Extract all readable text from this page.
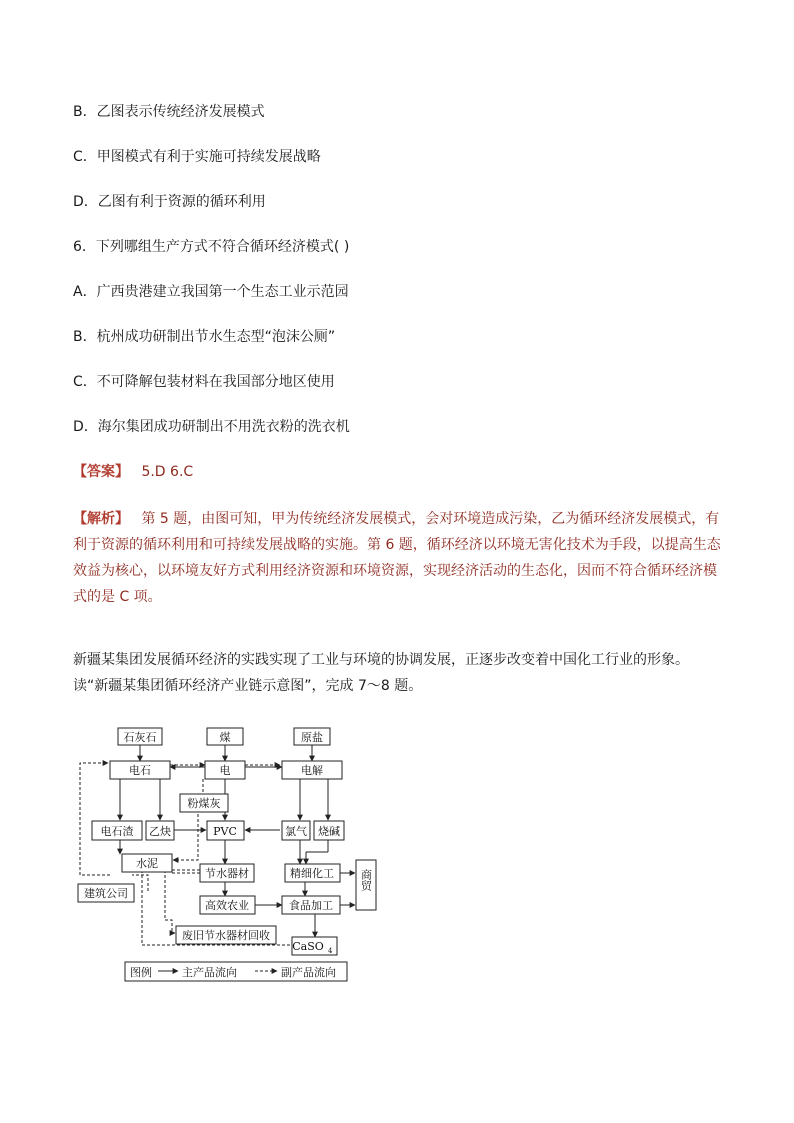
B．乙图表示传统经济发展模式
C．甲图模式有利于实施可持续发展战略
D．乙图有利于资源的循环利用
6．下列哪组生产方式不符合循环经济模式( )
A．广西贵港建立我国第一个生态工业示范园
B．杭州成功研制出节水生态型“泡沫公厕”
C．不可降解包装材料在我国部分地区使用
D．海尔集团成功研制出不用洗衣粉的洗衣机
【答案】 5.D 6.C
【解析】 第 5 题，由图可知，甲为传统经济发展模式，会对环境造成污染，乙为循环经济发展模式，有利于资源的循环利用和可持续发展战略的实施。第 6 题，循环经济以环境无害化技术为手段，以提高生态效益为核心，以环境友好方式利用经济资源和环境资源，实现经济活动的生态化，因而不符合循环经济模式的是 C 项。
新疆某集团发展循环经济的实践实现了工业与环境的协调发展，正逐步改变着中国化工行业的形象。读“新疆某集团循环经济产业链示意图”，完成 7～8 题。
石灰石	煤	原盐
电石	电	电解
粉煤灰
电石渣 乙炔	PVC	氯气 烧碱
水泥
节水器材	精细化工 商贸
建筑公司
高效农业	食品加工
废旧节水器材回收
CaSO 4
图例	主产品流向	副产品流向
